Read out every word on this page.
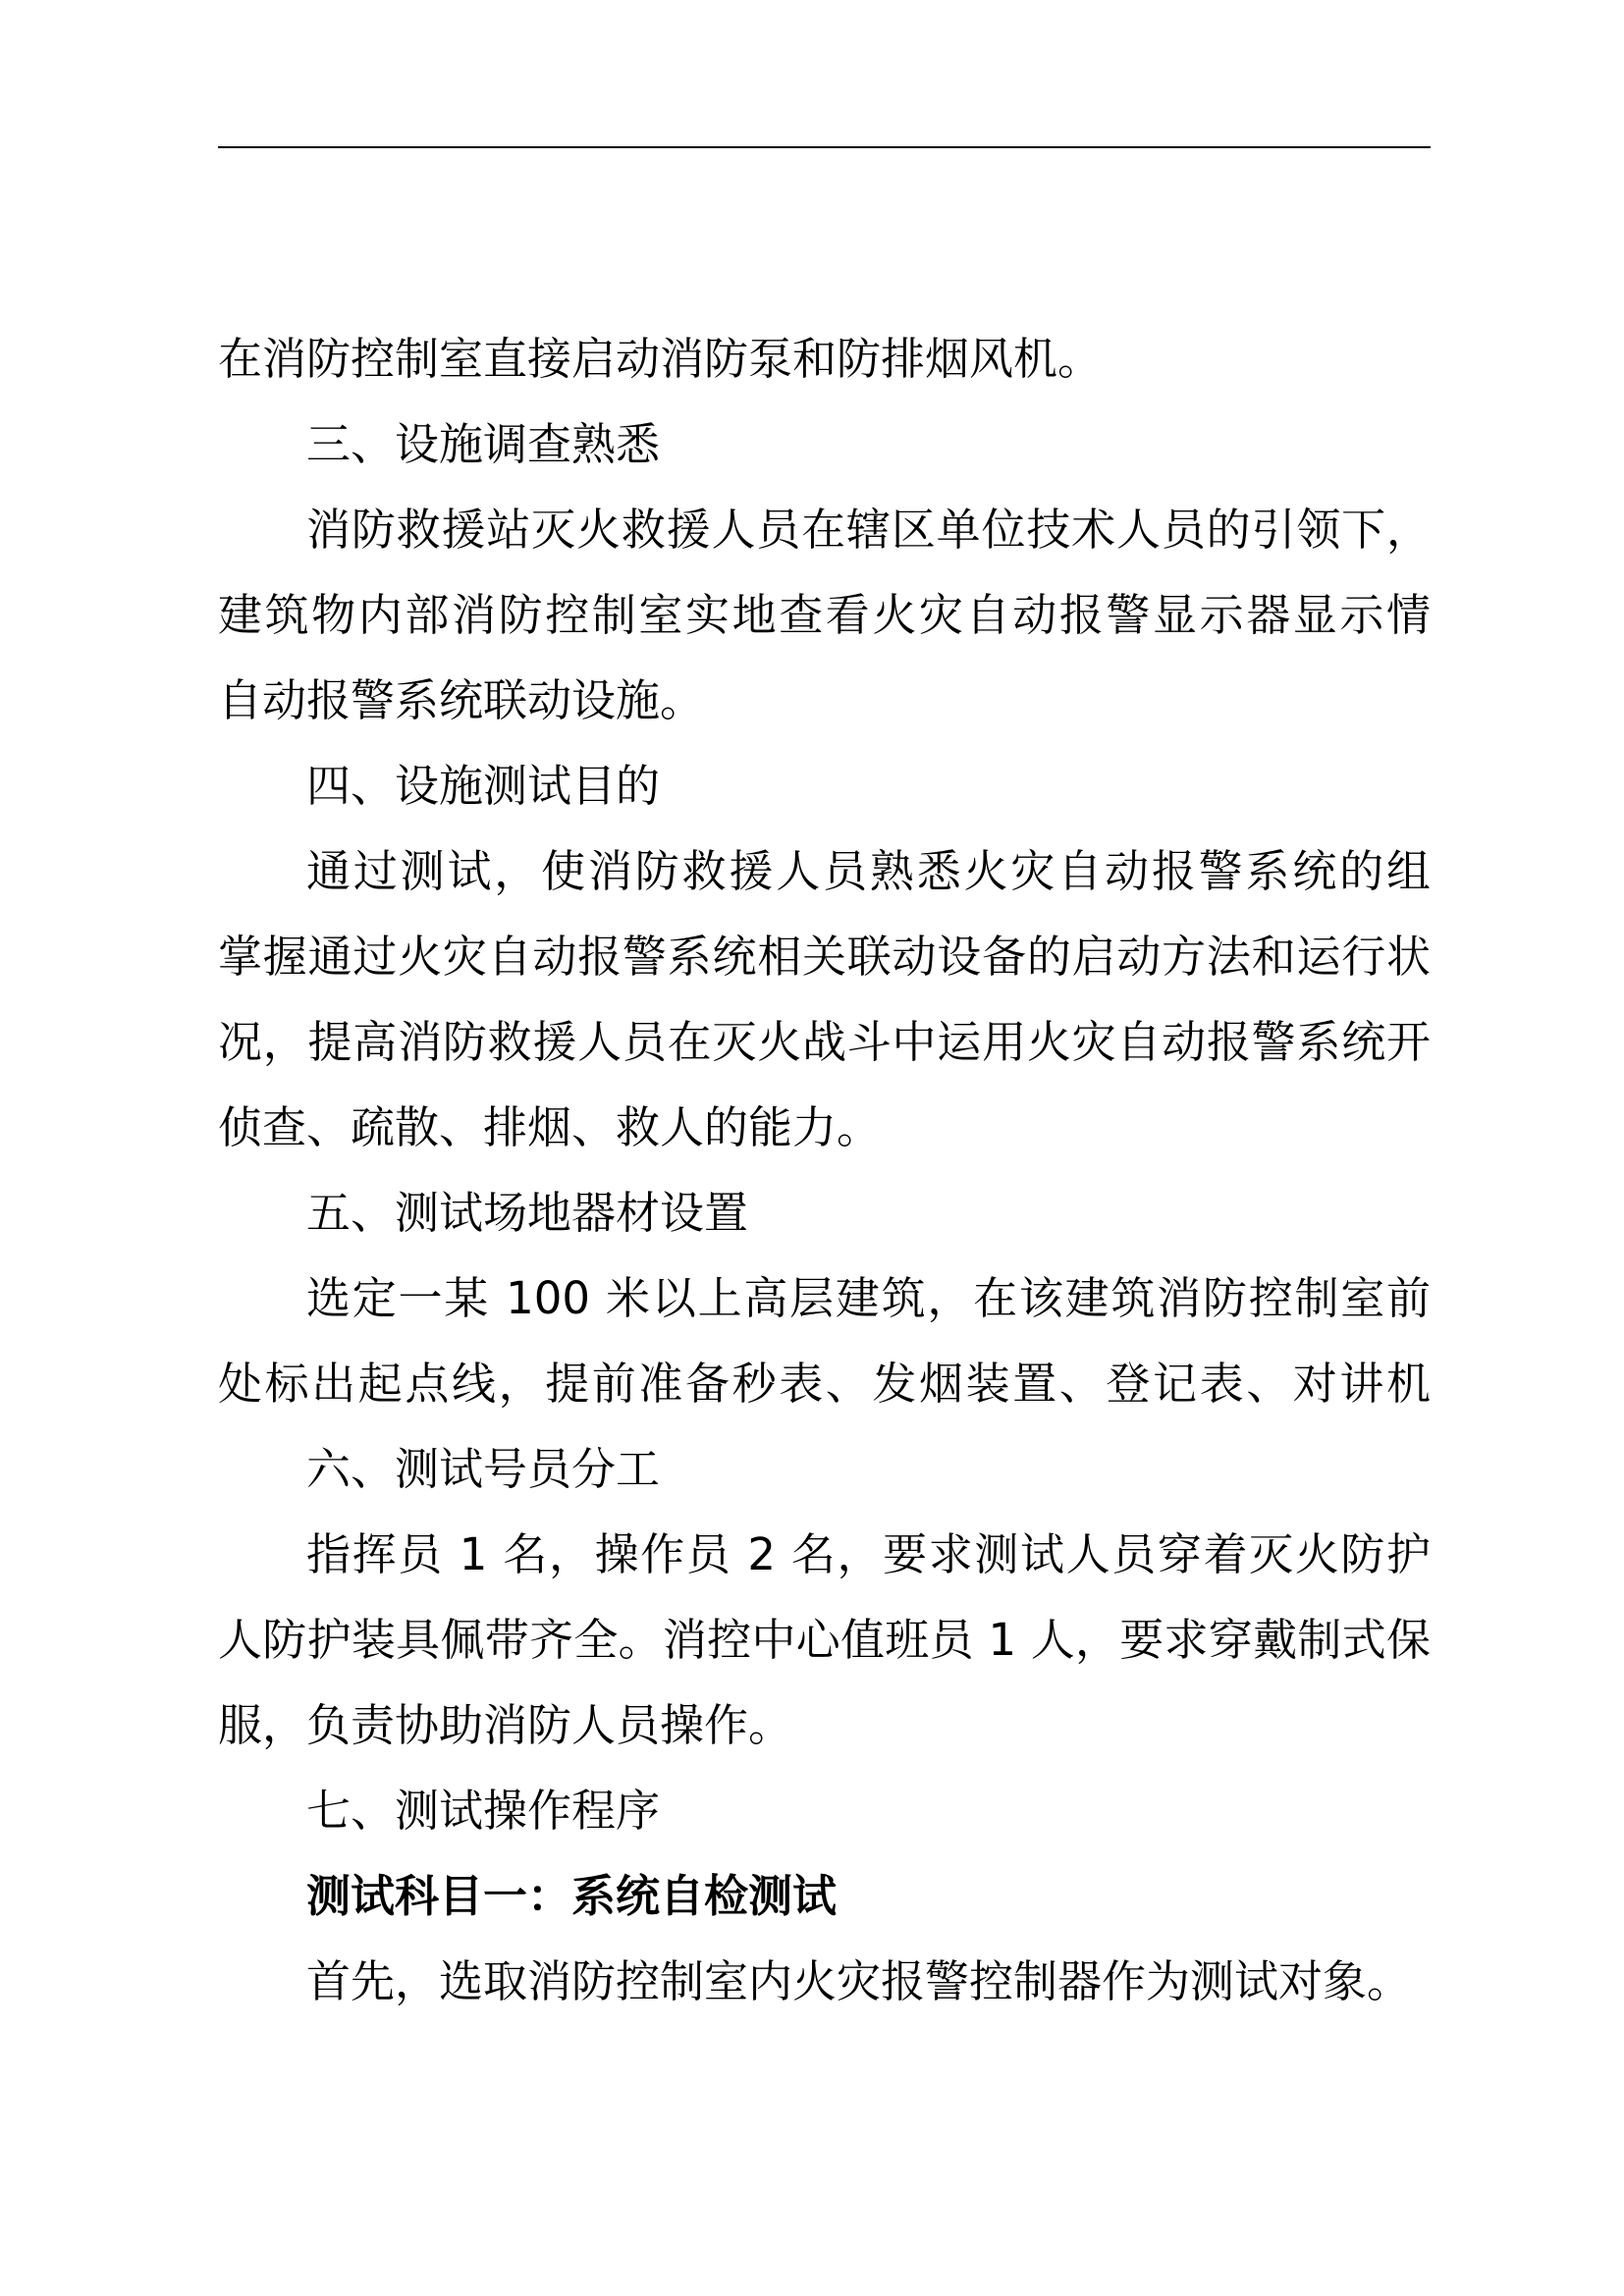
在消防控制室直接启动消防泵和防排烟风机。
三、设施调查熟悉
消防救援站灭火救援人员在辖区单位技术人员的引领下，
建筑物内部消防控制室实地查看火灾自动报警显示器显示情
自动报警系统联动设施。
四、设施测试目的
通过测试，使消防救援人员熟悉火灾自动报警系统的组
掌握通过火灾自动报警系统相关联动设备的启动方法和运行状
况，提高消防救援人员在灭火战斗中运用火灾自动报警系统开
侦查、疏散、排烟、救人的能力。
五、测试场地器材设置
选定一某 100 米以上高层建筑，在该建筑消防控制室前
处标出起点线，提前准备秒表、发烟装置、登记表、对讲机
六、测试号员分工
指挥员 1 名，操作员 2 名，要求测试人员穿着灭火防护
人防护装具佩带齐全。消控中心值班员 1 人，要求穿戴制式保
服，负责协助消防人员操作。
七、测试操作程序
测试科目一：系统自检测试
首先，选取消防控制室内火灾报警控制器作为测试对象。
